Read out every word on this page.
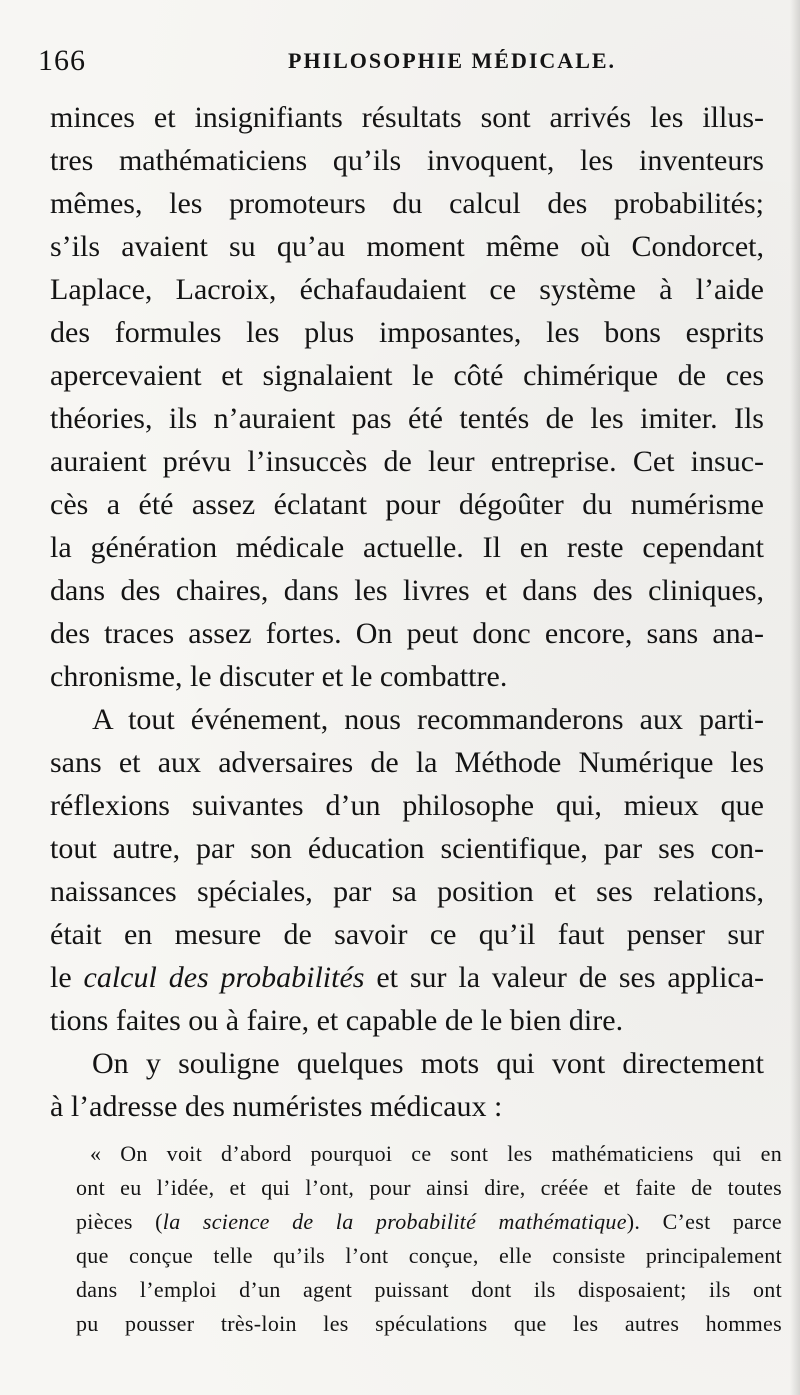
166	PHILOSOPHIE MÉDICALE.
minces et insignifiants résultats sont arrivés les illus-
tres mathématiciens qu’ils invoquent, les inventeurs
mêmes, les promoteurs du calcul des probabilités;
s’ils avaient su qu’au moment même où Condorcet,
Laplace, Lacroix, échafaudaient ce système à l’aide
des formules les plus imposantes, les bons esprits
apercevaient et signalaient le côté chimérique de ces
théories, ils n’auraient pas été tentés de les imiter. Ils
auraient prévu l’insuccès de leur entreprise. Cet insuc-
cès a été assez éclatant pour dégoûter du numérisme
la génération médicale actuelle. Il en reste cependant
dans des chaires, dans les livres et dans des cliniques,
des traces assez fortes. On peut donc encore, sans ana-
chronisme, le discuter et le combattre.
A tout événement, nous recommanderons aux parti-
sans et aux adversaires de la Méthode Numérique les
réflexions suivantes d’un philosophe qui, mieux que
tout autre, par son éducation scientifique, par ses con-
naissances spéciales, par sa position et ses relations,
était en mesure de savoir ce qu’il faut penser sur
le calcul des probabilités et sur la valeur de ses applica-
tions faites ou à faire, et capable de le bien dire.
On y souligne quelques mots qui vont directement
à l’adresse des numéristes médicaux :
« On voit d’abord pourquoi ce sont les mathématiciens qui en
ont eu l’idée, et qui l’ont, pour ainsi dire, créée et faite de toutes
pièces (la science de la probabilité mathématique). C’est parce
que conçue telle qu’ils l’ont conçue, elle consiste principalement
dans l’emploi d’un agent puissant dont ils disposaient; ils ont
pu pousser très-loin les spéculations que les autres hommes
